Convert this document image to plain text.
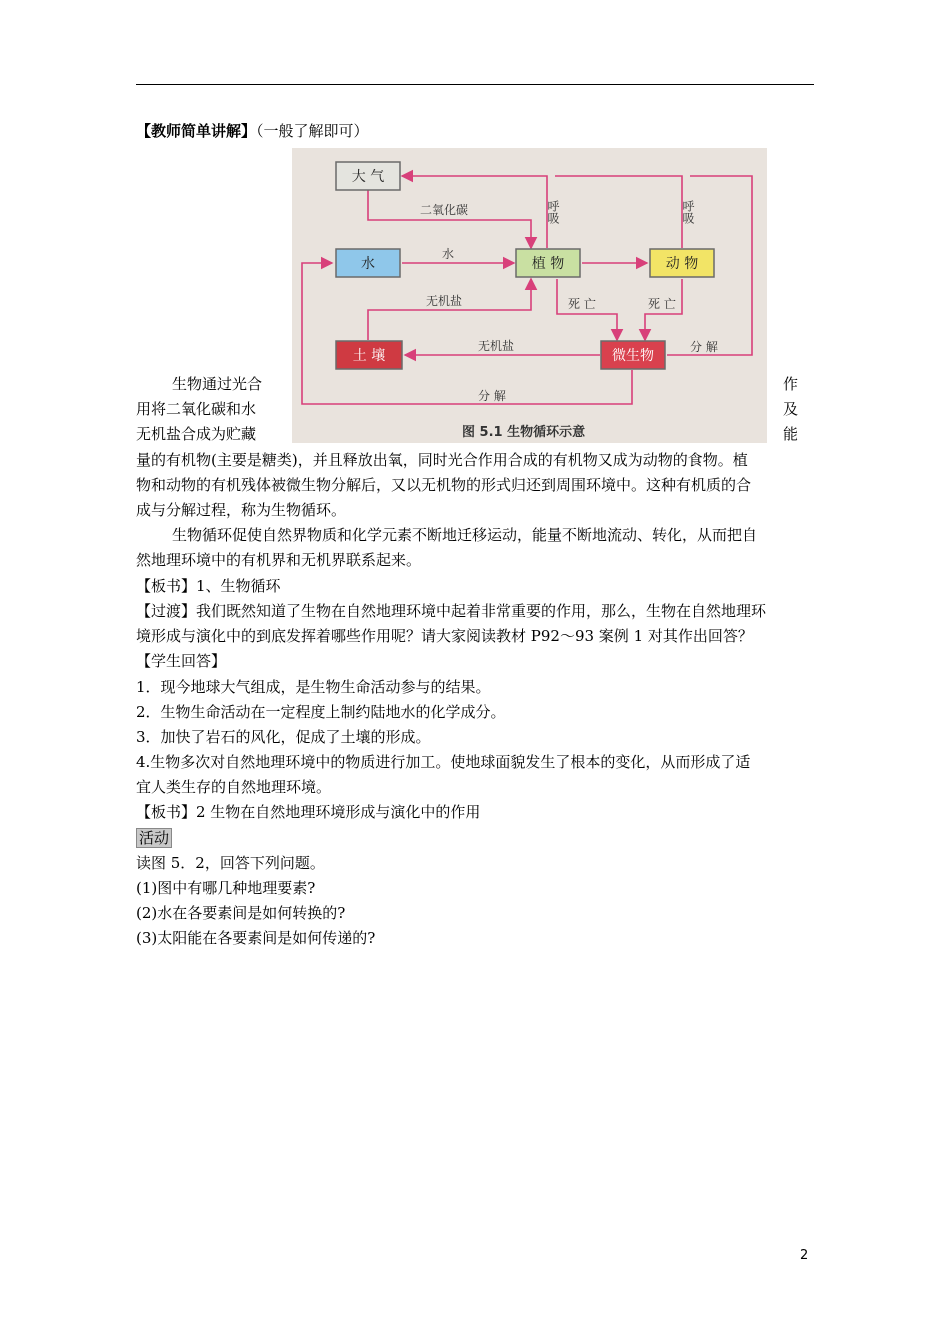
【教师简单讲解】（一般了解即可）
大 气
水	植 物	动 物
土 壤	微生物
二氧化碳
水
无机盐
无机盐
死 亡	死 亡
分 解
分 解
呼吸	呼吸
图 5.1 生物循环示意
生物通过光合	作
用将二氧化碳和水	及
无机盐合成为贮藏	能
量的有机物(主要是糖类)，并且释放出氧，同时光合作用合成的有机物又成为动物的食物。植
物和动物的有机残体被微生物分解后，又以无机物的形式归还到周围环境中。这种有机质的合
成与分解过程，称为生物循环。
生物循环促使自然界物质和化学元素不断地迁移运动，能量不断地流动、转化，从而把自
然地理环境中的有机界和无机界联系起来。
【板书】1、生物循环
【过渡】我们既然知道了生物在自然地理环境中起着非常重要的作用，那么，生物在自然地理环
境形成与演化中的到底发挥着哪些作用呢？请大家阅读教材 P92～93 案例 1 对其作出回答？
【学生回答】
1．现今地球大气组成，是生物生命活动参与的结果。
2．生物生命活动在一定程度上制约陆地水的化学成分。
3．加快了岩石的风化，促成了土壤的形成。
4.生物多次对自然地理环境中的物质进行加工。使地球面貌发生了根本的变化，从而形成了适
宜人类生存的自然地理环境。
【板书】2 生物在自然地理环境形成与演化中的作用
活动
读图 5．2，回答下列问题。
(1)图中有哪几种地理要素?
(2)水在各要素间是如何转换的?
(3)太阳能在各要素间是如何传递的?
2
